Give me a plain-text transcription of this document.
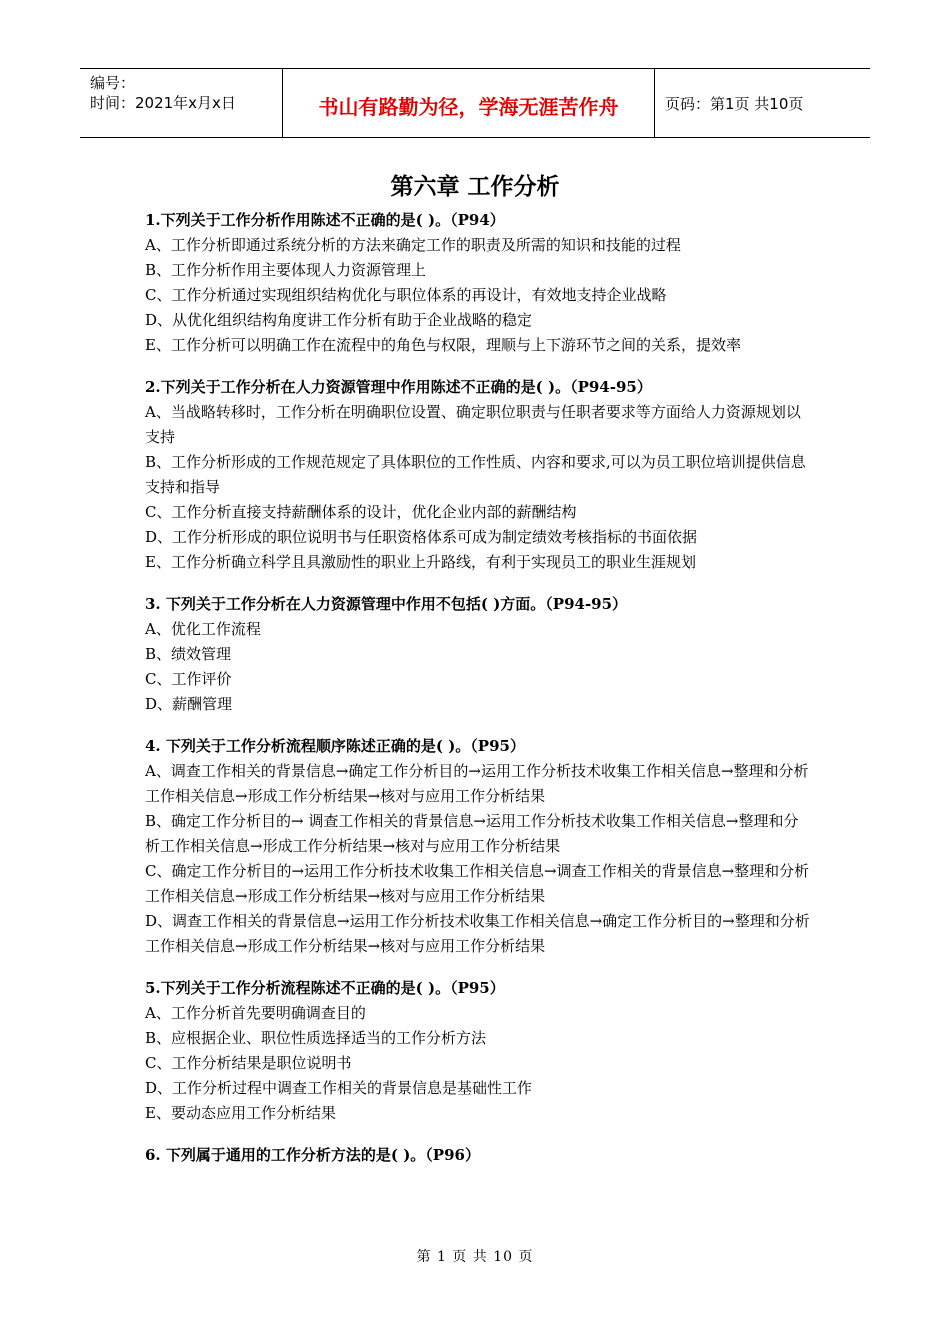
编号：
时间：2021年x月x日	书山有路勤为径，学海无涯苦作舟	页码：第1页 共10页
第六章 工作分析
1.下列关于工作分析作用陈述不正确的是( )。（P94）
A、工作分析即通过系统分析的方法来确定工作的职责及所需的知识和技能的过程
B、工作分析作用主要体现人力资源管理上
C、工作分析通过实现组织结构优化与职位体系的再设计，有效地支持企业战略
D、从优化组织结构角度讲工作分析有助于企业战略的稳定
E、工作分析可以明确工作在流程中的角色与权限，理顺与上下游环节之间的关系，提效率
2.下列关于工作分析在人力资源管理中作用陈述不正确的是( )。（P94-95）
A、当战略转移时，工作分析在明确职位设置、确定职位职责与任职者要求等方面给人力资源规划以支持
B、工作分析形成的工作规范规定了具体职位的工作性质、内容和要求,可以为员工职位培训提供信息支持和指导
C、工作分析直接支持薪酬体系的设计，优化企业内部的薪酬结构
D、工作分析形成的职位说明书与任职资格体系可成为制定绩效考核指标的书面依据
E、工作分析确立科学且具激励性的职业上升路线，有利于实现员工的职业生涯规划
3. 下列关于工作分析在人力资源管理中作用不包括( )方面。（P94-95）
A、优化工作流程
B、绩效管理
C、工作评价
D、薪酬管理
4. 下列关于工作分析流程顺序陈述正确的是( )。（P95）
A、调查工作相关的背景信息→确定工作分析目的→运用工作分析技术收集工作相关信息→整理和分析工作相关信息→形成工作分析结果→核对与应用工作分析结果
B、确定工作分析目的→ 调查工作相关的背景信息→运用工作分析技术收集工作相关信息→整理和分析工作相关信息→形成工作分析结果→核对与应用工作分析结果
C、确定工作分析目的→运用工作分析技术收集工作相关信息→调查工作相关的背景信息→整理和分析工作相关信息→形成工作分析结果→核对与应用工作分析结果
D、调查工作相关的背景信息→运用工作分析技术收集工作相关信息→确定工作分析目的→整理和分析工作相关信息→形成工作分析结果→核对与应用工作分析结果
5.下列关于工作分析流程陈述不正确的是( )。（P95）
A、工作分析首先要明确调查目的
B、应根据企业、职位性质选择适当的工作分析方法
C、工作分析结果是职位说明书
D、工作分析过程中调查工作相关的背景信息是基础性工作
E、要动态应用工作分析结果
6. 下列属于通用的工作分析方法的是( )。（P96）
第 1 页 共 10 页
